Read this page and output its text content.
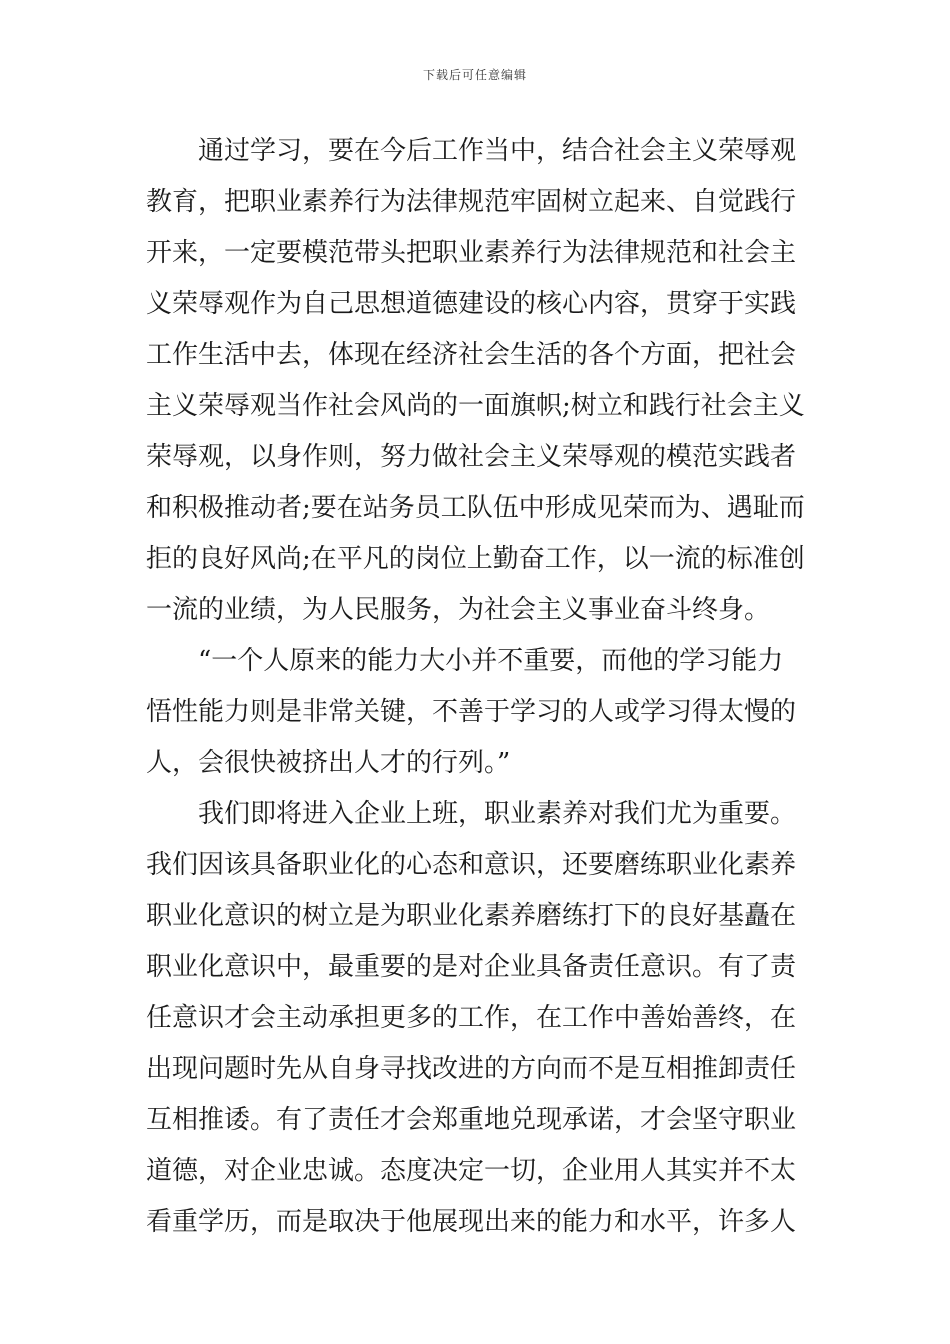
下载后可任意编辑
通过学习，要在今后工作当中，结合社会主义荣辱观
教育，把职业素养行为法律规范牢固树立起来、自觉践行
开来，一定要模范带头把职业素养行为法律规范和社会主
义荣辱观作为自己思想道德建设的核心内容，贯穿于实践
工作生活中去，体现在经济社会生活的各个方面，把社会
主义荣辱观当作社会风尚的一面旗帜;树立和践行社会主义
荣辱观，以身作则，努力做社会主义荣辱观的模范实践者
和积极推动者;要在站务员工队伍中形成见荣而为、遇耻而
拒的良好风尚;在平凡的岗位上勤奋工作，以一流的标准创
一流的业绩，为人民服务，为社会主义事业奋斗终身。
“一个人原来的能力大小并不重要，而他的学习能力
悟性能力则是非常关键，不善于学习的人或学习得太慢的
人，会很快被挤出人才的行列。”
我们即将进入企业上班，职业素养对我们尤为重要。
我们因该具备职业化的心态和意识，还要磨练职业化素养
职业化意识的树立是为职业化素养磨练打下的良好基矗在
职业化意识中，最重要的是对企业具备责任意识。有了责
任意识才会主动承担更多的工作，在工作中善始善终，在
出现问题时先从自身寻找改进的方向而不是互相推卸责任
互相推诿。有了责任才会郑重地兑现承诺，才会坚守职业
道德，对企业忠诚。态度决定一切，企业用人其实并不太
看重学历，而是取决于他展现出来的能力和水平，许多人
